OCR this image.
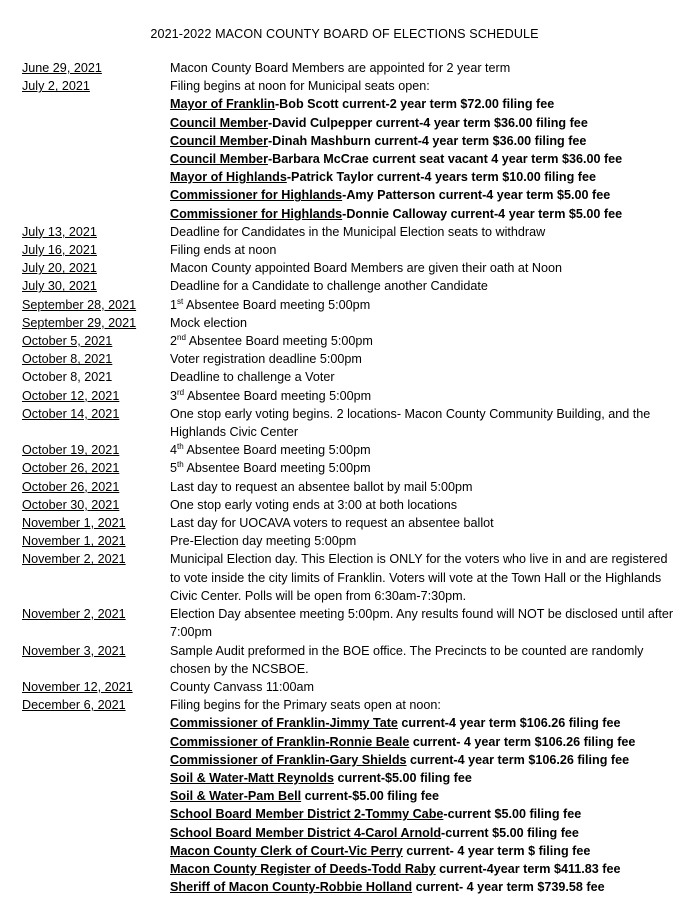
2021-2022 MACON COUNTY BOARD OF ELECTIONS SCHEDULE
June 29, 2021	Macon County Board Members are appointed for 2 year term
July 2, 2021	Filing begins at noon for Municipal seats open:
Mayor of Franklin-Bob Scott current-2 year term $72.00 filing fee
Council Member-David Culpepper current-4 year term $36.00 filing fee
Council Member-Dinah Mashburn current-4 year term $36.00 filing fee
Council Member-Barbara McCrae current seat vacant 4 year term $36.00 fee
Mayor of Highlands-Patrick Taylor current-4 years term $10.00 filing fee
Commissioner for Highlands-Amy Patterson current-4 year term $5.00 fee
Commissioner for Highlands-Donnie Calloway current-4 year term $5.00 fee
July 13, 2021	Deadline for Candidates in the Municipal Election seats to withdraw
July 16, 2021	Filing ends at noon
July 20, 2021	Macon County appointed Board Members are given their oath at Noon
July 30, 2021	Deadline for a Candidate to challenge another Candidate
September 28, 2021	1st Absentee Board meeting 5:00pm
September 29, 2021	Mock election
October 5, 2021	2nd Absentee Board meeting 5:00pm
October 8, 2021	Voter registration deadline 5:00pm
October 8, 2021	Deadline to challenge a Voter
October 12, 2021	3rd Absentee Board meeting 5:00pm
October 14, 2021	One stop early voting begins. 2 locations- Macon County Community Building, and the Highlands Civic Center
October 19, 2021	4th Absentee Board meeting 5:00pm
October 26, 2021	5th Absentee Board meeting 5:00pm
October 26, 2021	Last day to request an absentee ballot by mail 5:00pm
October 30, 2021	One stop early voting ends at 3:00 at both locations
November 1, 2021	Last day for UOCAVA voters to request an absentee ballot
November 1, 2021	Pre-Election day meeting 5:00pm
November 2, 2021	Municipal Election day. This Election is ONLY for the voters who live in and are registered to vote inside the city limits of Franklin. Voters will vote at the Town Hall or the Highlands Civic Center. Polls will be open from 6:30am-7:30pm.
November 2, 2021	Election Day absentee meeting 5:00pm. Any results found will NOT be disclosed until after 7:00pm
November 3, 2021	Sample Audit preformed in the BOE office. The Precincts to be counted are randomly chosen by the NCSBOE.
November 12, 2021	County Canvass 11:00am
December 6, 2021	Filing begins for the Primary seats open at noon:
Commissioner of Franklin-Jimmy Tate current-4 year term $106.26 filing fee
Commissioner of Franklin-Ronnie Beale current- 4 year term $106.26 filing fee
Commissioner of Franklin-Gary Shields current-4 year term $106.26 filing fee
Soil & Water-Matt Reynolds current-$5.00 filing fee
Soil & Water-Pam Bell current-$5.00 filing fee
School Board Member District 2-Tommy Cabe-current $5.00 filing fee
School Board Member District 4-Carol Arnold-current $5.00 filing fee
Macon County Clerk of Court-Vic Perry current- 4 year term $ filing fee
Macon County Register of Deeds-Todd Raby current-4year term $411.83 fee
Sheriff of Macon County-Robbie Holland current- 4 year term $739.58 fee
